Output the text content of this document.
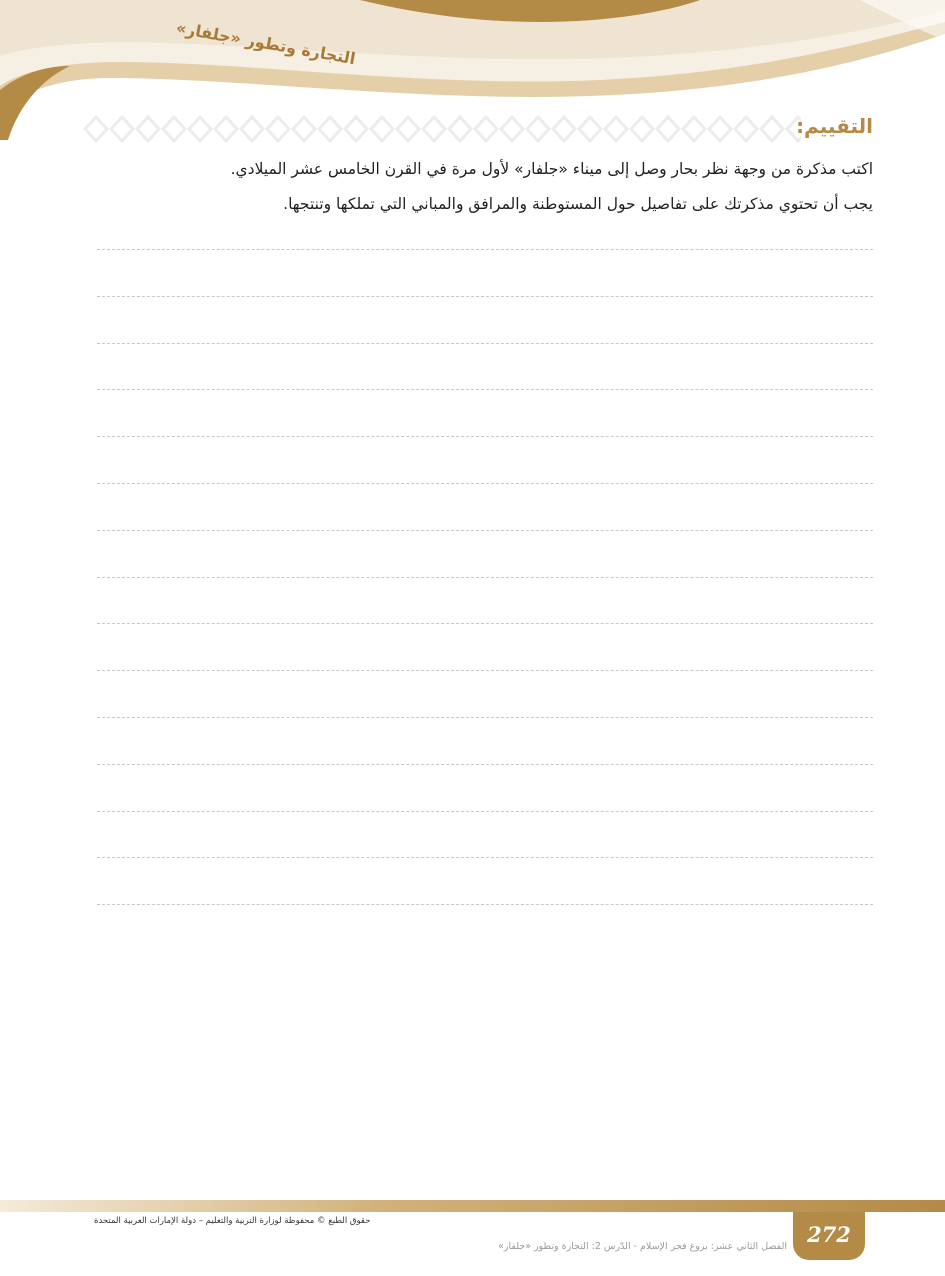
التجارة وتطور «جلفار»
التقييم:

اكتب مذكرة من وجهة نظر بحار وصل إلى ميناء «جلفار» لأول مرة في القرن الخامس عشر الميلادي.

يجب أن تحتوي مذكرتك على تفاصيل حول المستوطنة والمرافق والمباني التي تملكها وتنتجها.

272
حقوق الطبع © محفوظة لوزارة التربية والتعليم – دولة الإمارات العربية المتحدة
الفصل الثاني عشر: بزوغ فجر الإسلام - الدّرس 2: التجارة وتطور «جلفار»
